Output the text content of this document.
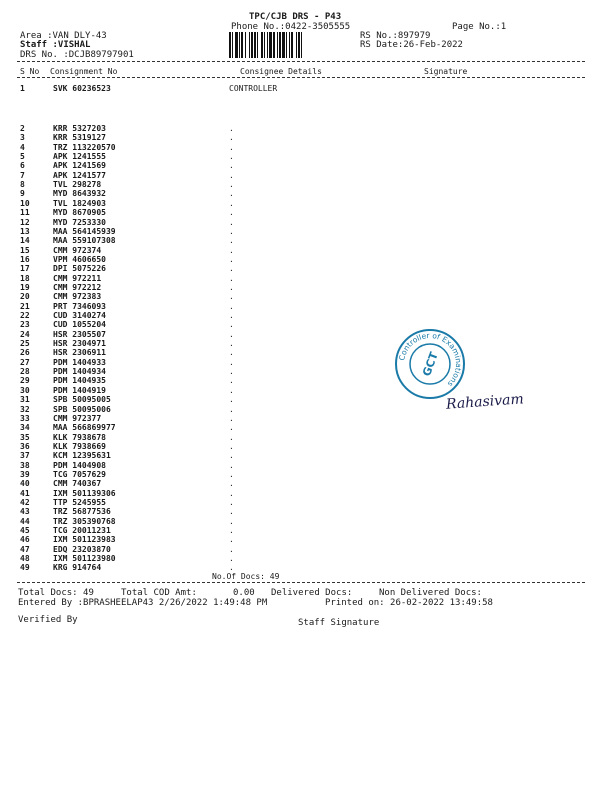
TPC/CJB DRS - P43
Phone No.:0422-3505555	Page No.:1
Area :VAN DLY-43
Staff :VISHAL
DRS No. :DCJB89797901
RS No.:897979
RS Date:26-Feb-2022
S No Consignment No	Consignee Details	Signature
1	SVK 60236523	CONTROLLER
2	KRR 5327203	.
3	KRR 5319127	.
4	TRZ 113220570	.
5	APK 1241555	.
6	APK 1241569	.
7	APK 1241577	.
8	TVL 298278	.
9	MYD 8643932	.
10	TVL 1824903	.
11	MYD 8670905	.
12	MYD 7253330	.
13	MAA 564145939	.
14	MAA 559107308	.
15	CMM 972374	.
16	VPM 4606650	.
17	DPI 5075226	.
18	CMM 972211	.
19	CMM 972212	.
20	CMM 972383	.
21	PRT 7346093	.
22	CUD 3140274	.
23	CUD 1055204	.
24	HSR 2305507	.
25	HSR 2304971	.
26	HSR 2306911	.
27	PDM 1404933	.
28	PDM 1404934	.
29	PDM 1404935	.
30	PDM 1404919	.
31	SPB 50095005	.
32	SPB 50095006	.
33	CMM 972377	.
34	MAA 566869977	.
35	KLK 7938678	.
36	KLK 7938669	.
37	KCM 12395631	.
38	PDM 1404908	.
39	TCG 7057629	.
40	CMM 740367	.
41	IXM 501139306	.
42	TTP 5245955	.
43	TRZ 56877536	.
44	TRZ 305390768	.
45	TCG 20011231	.
46	IXM 501123983	.
47	EDQ 23203870	.
48	IXM 501123980	.
49	KRG 914764	.
No.Of Docs: 49
Total Docs: 49	Total COD Amt:	0.00 Delivered Docs:	Non Delivered Docs:
Entered By :BPRASHEELAP43 2/26/2022 1:49:48 PM	Printed on: 26-02-2022 13:49:58
Verified By	Staff Signature
Controller of Examinations
GCT
Rahasivam
